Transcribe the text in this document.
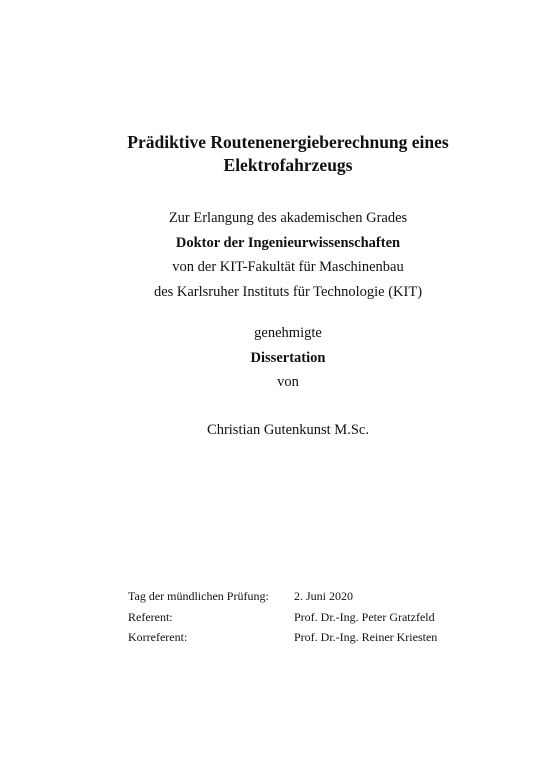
Prädiktive Routenenergieberechnung eines
Elektrofahrzeugs
Zur Erlangung des akademischen Grades
Doktor der Ingenieurwissenschaften
von der KIT-Fakultät für Maschinenbau
des Karlsruher Instituts für Technologie (KIT)
genehmigte
Dissertation
von
Christian Gutenkunst M.Sc.
Tag der mündlichen Prüfung:	2. Juni 2020
Referent:	Prof. Dr.-Ing. Peter Gratzfeld
Korreferent:	Prof. Dr.-Ing. Reiner Kriesten
